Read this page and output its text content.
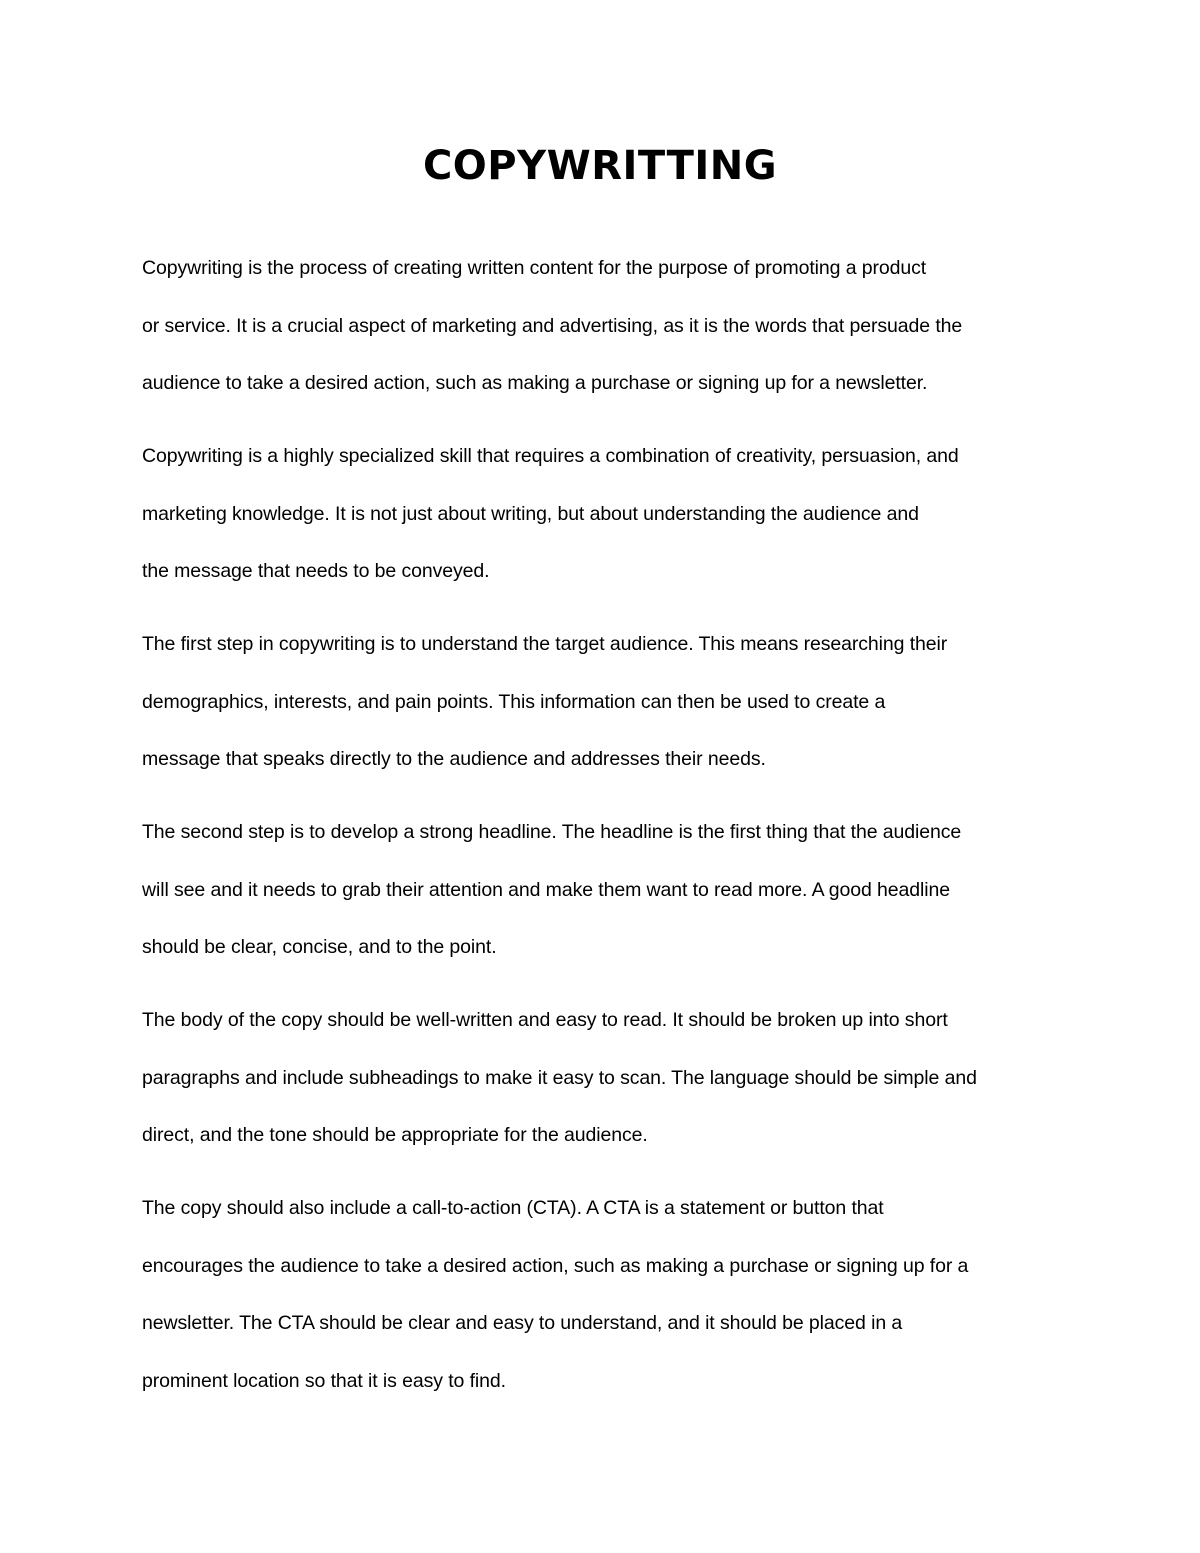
COPYWRITTING

Copywriting is the process of creating written content for the purpose of promoting a product
or service. It is a crucial aspect of marketing and advertising, as it is the words that persuade the
audience to take a desired action, such as making a purchase or signing up for a newsletter.

Copywriting is a highly specialized skill that requires a combination of creativity, persuasion, and
marketing knowledge. It is not just about writing, but about understanding the audience and
the message that needs to be conveyed.

The first step in copywriting is to understand the target audience. This means researching their
demographics, interests, and pain points. This information can then be used to create a
message that speaks directly to the audience and addresses their needs.

The second step is to develop a strong headline. The headline is the first thing that the audience
will see and it needs to grab their attention and make them want to read more. A good headline
should be clear, concise, and to the point.

The body of the copy should be well-written and easy to read. It should be broken up into short
paragraphs and include subheadings to make it easy to scan. The language should be simple and
direct, and the tone should be appropriate for the audience.

The copy should also include a call-to-action (CTA). A CTA is a statement or button that
encourages the audience to take a desired action, such as making a purchase or signing up for a
newsletter. The CTA should be clear and easy to understand, and it should be placed in a
prominent location so that it is easy to find.
